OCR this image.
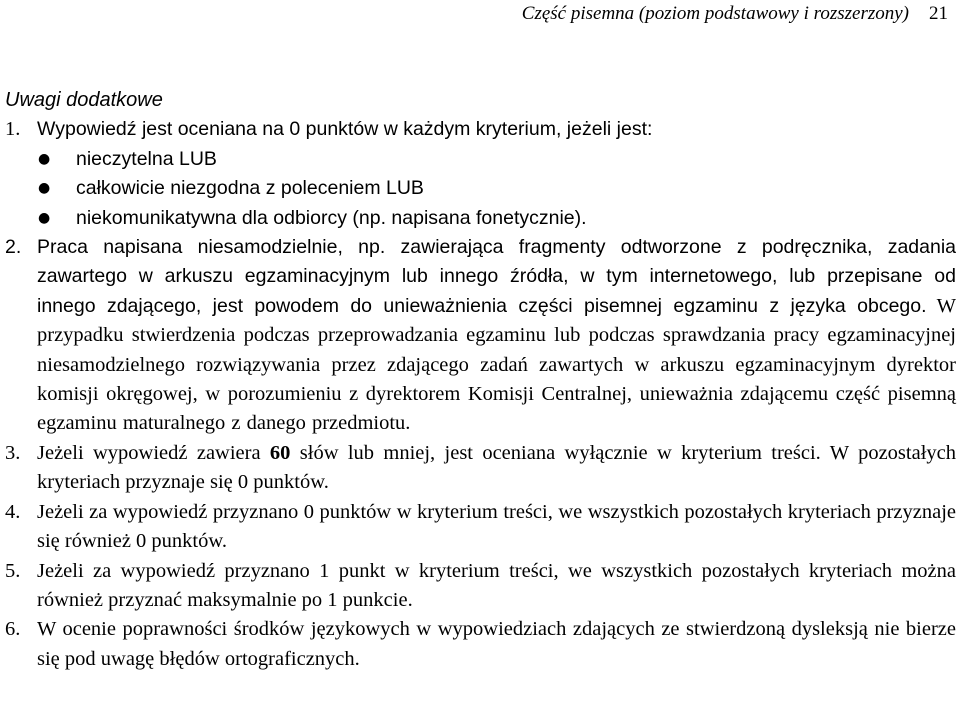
Część pisemna (poziom podstawowy i rozszerzony) 21
Uwagi dodatkowe
1. Wypowiedź jest oceniana na 0 punktów w każdym kryterium, jeżeli jest:
● nieczytelna LUB
● całkowicie niezgodna z poleceniem LUB
● niekomunikatywna dla odbiorcy (np. napisana fonetycznie).
2. Praca napisana niesamodzielnie, np. zawierająca fragmenty odtworzone z podręcznika, zadania zawartego w arkuszu egzaminacyjnym lub innego źródła, w tym internetowego, lub przepisane od innego zdającego, jest powodem do unieważnienia części pisemnej egzaminu z języka obcego. W przypadku stwierdzenia podczas przeprowadzania egzaminu lub podczas sprawdzania pracy egzaminacyjnej niesamodzielnego rozwiązywania przez zdającego zadań zawartych w arkuszu egzaminacyjnym dyrektor komisji okręgowej, w porozumieniu z dyrektorem Komisji Centralnej, unieważnia zdającemu część pisemną egzaminu maturalnego z danego przedmiotu.
3. Jeżeli wypowiedź zawiera 60 słów lub mniej, jest oceniana wyłącznie w kryterium treści. W pozostałych kryteriach przyznaje się 0 punktów.
4. Jeżeli za wypowiedź przyznano 0 punktów w kryterium treści, we wszystkich pozostałych kryteriach przyznaje się również 0 punktów.
5. Jeżeli za wypowiedź przyznano 1 punkt w kryterium treści, we wszystkich pozostałych kryteriach można również przyznać maksymalnie po 1 punkcie.
6. W ocenie poprawności środków językowych w wypowiedziach zdających ze stwierdzoną dysleksją nie bierze się pod uwagę błędów ortograficznych.
